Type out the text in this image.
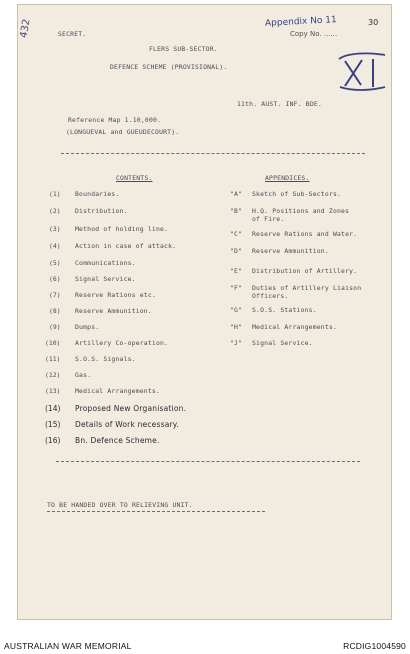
432	SECRET.
FLERS SUB-SECTOR.
DEFENCE SCHEME (PROVISIONAL).
Appendix No 11
Copy No. ......
30
11th. AUST. INF. BDE.
Reference Map 1.10,000.
(LONGUEVAL and GUEUDECOURT).
CONTENTS.	APPENDICES.
(1) Boundaries.
(2) Distribution.
(3) Method of holding line.
(4) Action in case of attack.
(5) Communications.
(6) Signal Service.
(7) Reserve Rations etc.
(8) Reserve Ammunition.
(9) Dumps.
(10) Artillery Co-operation.
(11) S.O.S. Signals.
(12) Gas.
(13) Medical Arrangements.
(14) Proposed New Organisation.
(15) Details of Work necessary.
(16) Bn. Defence Scheme.
"A" Sketch of Sub-Sectors.
"B" H.Q. Positions and Zones
of Fire.
"C" Reserve Rations and Water.
"D" Reserve Ammunition.
"E" Distribution of Artillery.
"F" Duties of Artillery Liaison
Officers.
"G" S.O.S. Stations.
"H" Medical Arrangements.
"J" Signal Service.
TO BE HANDED OVER TO RELIEVING UNIT.
AUSTRALIAN WAR MEMORIAL	RCDIG1004590
